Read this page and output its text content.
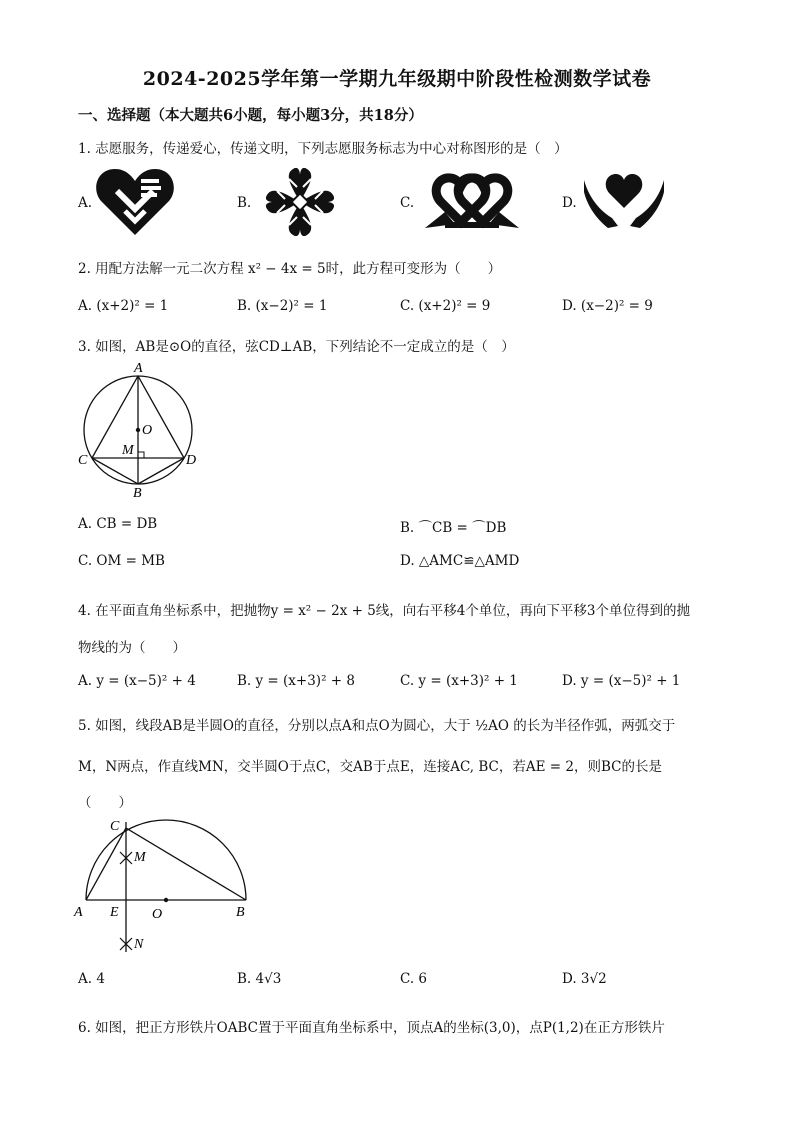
2024-2025学年第一学期九年级期中阶段性检测数学试卷
一、选择题（本大题共6小题，每小题3分，共18分）
1. 志愿服务，传递爱心，传递文明，下列志愿服务标志为中心对称图形的是（　）
A.	B.	C.	D.
2. 用配方法解一元二次方程 x² − 4x = 5时，此方程可变形为（　　）
A. (x+2)² = 1	B. (x−2)² = 1	C. (x+2)² = 9	D. (x−2)² = 9
3. 如图，AB是⊙O的直径，弦CD⊥AB，下列结论不一定成立的是（　）
A
O
M
C	D
B
A. CB = DB	B. ⌒CB = ⌒DB
C. OM = MB	D. △AMC≌△AMD
4. 在平面直角坐标系中，把抛物y = x² − 2x + 5线，向右平移4个单位，再向下平移3个单位得到的抛
物线的为（　　）
A. y = (x−5)² + 4	B. y = (x+3)² + 8	C. y = (x+3)² + 1	D. y = (x−5)² + 1
5. 如图，线段AB是半圆O的直径，分别以点A和点O为圆心，大于 ½AO 的长为半径作弧，两弧交于
M，N两点，作直线MN，交半圆O于点C，交AB于点E，连接AC, BC，若AE = 2，则BC的长是
（　　）
C
M
A E O	B
N
A. 4	B. 4√3	C. 6	D. 3√2
6. 如图，把正方形铁片OABC置于平面直角坐标系中，顶点A的坐标(3,0)，点P(1,2)在正方形铁片
